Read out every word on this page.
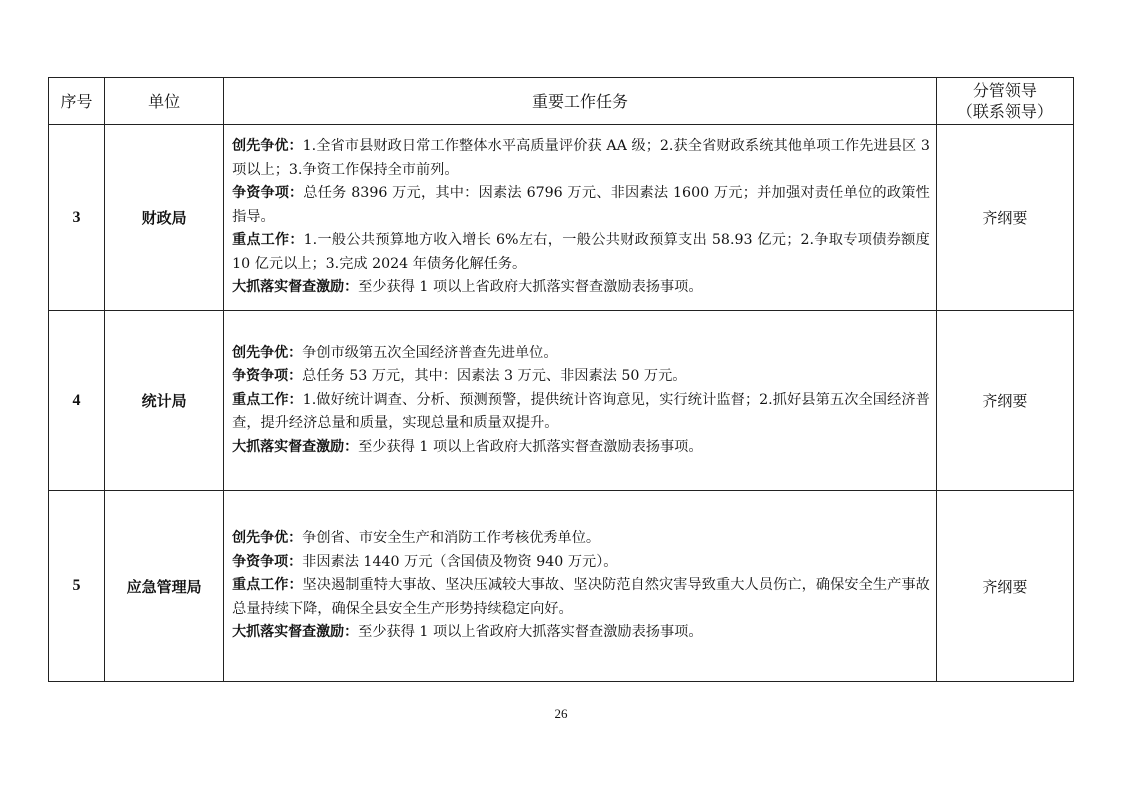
序号	单位	重要工作任务	分管领导
（联系领导）

3	财政局	创先争优：1.全省市县财政日常工作整体水平高质量评价获 AA 级；2.获全省财政系统其他单项工作先进县区 3 项以上；3.争资工作保持全市前列。

争资争项：总任务 8396 万元，其中：因素法 6796 万元、非因素法 1600 万元；并加强对责任单位的政策性指导。

重点工作：1.一般公共预算地方收入增长 6%左右，一般公共财政预算支出 58.93 亿元；2.争取专项债券额度 10 亿元以上；3.完成 2024 年债务化解任务。

大抓落实督查激励：至少获得 1 项以上省政府大抓落实督查激励表扬事项。	齐纲要
4	统计局	创先争优：争创市级第五次全国经济普查先进单位。

争资争项：总任务 53 万元，其中：因素法 3 万元、非因素法 50 万元。

重点工作：1.做好统计调查、分析、预测预警，提供统计咨询意见，实行统计监督；2.抓好县第五次全国经济普查，提升经济总量和质量，实现总量和质量双提升。

大抓落实督查激励：至少获得 1 项以上省政府大抓落实督查激励表扬事项。	齐纲要
5	应急管理局	创先争优：争创省、市安全生产和消防工作考核优秀单位。

争资争项：非因素法 1440 万元（含国债及物资 940 万元）。

重点工作：坚决遏制重特大事故、坚决压减较大事故、坚决防范自然灾害导致重大人员伤亡，确保安全生产事故总量持续下降，确保全县安全生产形势持续稳定向好。

大抓落实督查激励：至少获得 1 项以上省政府大抓落实督查激励表扬事项。	齐纲要
26
